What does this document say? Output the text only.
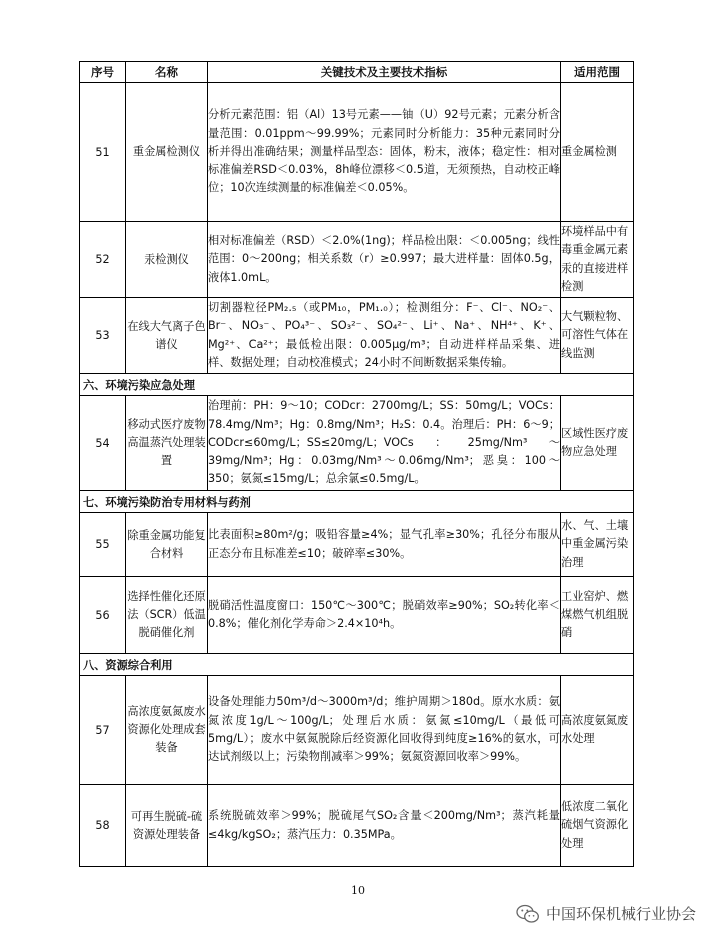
序号	名称	关键技术及主要技术指标	适用范围
51	重金属检测仪	分析元素范围：铝（Al）13号元素——铀（U）92号元素；元素分析含量范围：0.01ppm～99.99%；元素同时分析能力：35种元素同时分析并得出准确结果；测量样品型态：固体，粉末，液体；稳定性：相对标准偏差RSD＜0.03%，8h峰位漂移＜0.5道，无须预热，自动校正峰位；10次连续测量的标准偏差＜0.05%。	重金属检测
52	汞检测仪	相对标准偏差（RSD）＜2.0%(1ng)；样品检出限：＜0.005ng；线性范围：0～200ng；相关系数（r）≥0.997；最大进样量：固体0.5g，液体1.0mL。	环境样品中有毒重金属元素汞的直接进样检测
53	在线大气离子色谱仪	切割器粒径PM₂.₅（或PM₁₀，PM₁.₀）；检测组分：F⁻、Cl⁻、NO₂⁻、Br⁻、NO₃⁻、PO₄³⁻、SO₃²⁻、SO₄²⁻、Li⁺、Na⁺、NH⁴⁺、K⁺、Mg²⁺、Ca²⁺；最低检出限：0.005μg/m³；自动进样样品采集、进样、数据处理；自动校准模式；24小时不间断数据采集传输。	大气颗粒物、可溶性气体在线监测
六、环境污染应急处理			
54	移动式医疗废物高温蒸汽处理装置	治理前：PH：9～10；CODcr：2700mg/L；SS：50mg/L；VOCs：78.4mg/Nm³；Hg：0.8mg/Nm³；H₂S：0.4。治理后：PH：6～9；CODcr≤60mg/L；SS≤20mg/L；VOCs：25mg/Nm³～39mg/Nm³；Hg：0.03mg/Nm³～0.06mg/Nm³；恶臭：100～350；氨氮≤15mg/L；总余氯≤0.5mg/L。	区域性医疗废物应急处理
七、环境污染防治专用材料与药剂			
55	除重金属功能复合材料	比表面积≥80m²/g；吸铅容量≥4%；显气孔率≥30%；孔径分布服从正态分布且标准差≤10；破碎率≤30%。	水、气、土壤中重金属污染治理
56	选择性催化还原法（SCR）低温脱硝催化剂	脱硝活性温度窗口：150℃～300℃；脱硝效率≥90%；SO₂转化率＜0.8%；催化剂化学寿命＞2.4×10⁴h。	工业窑炉、燃煤燃气机组脱硝
八、资源综合利用			
57	高浓度氨氮废水资源化处理成套装备	设备处理能力50m³/d～3000m³/d；维护周期＞180d。原水水质：氨氮浓度1g/L～100g/L；处理后水质：氨氮≤10mg/L（最低可5mg/L）；废水中氨氮脱除后经资源化回收得到纯度≥16%的氨水，可达试剂级以上；污染物削减率＞99%；氨氮资源回收率＞99%。	高浓度氨氮废水处理
58	可再生脱硫-硫资源处理装备	系统脱硫效率＞99%；脱硫尾气SO₂含量＜200mg/Nm³；蒸汽耗量≤4kg/kgSO₂；蒸汽压力：0.35MPa。	低浓度二氧化硫烟气资源化处理
10
中国环保机械行业协会
